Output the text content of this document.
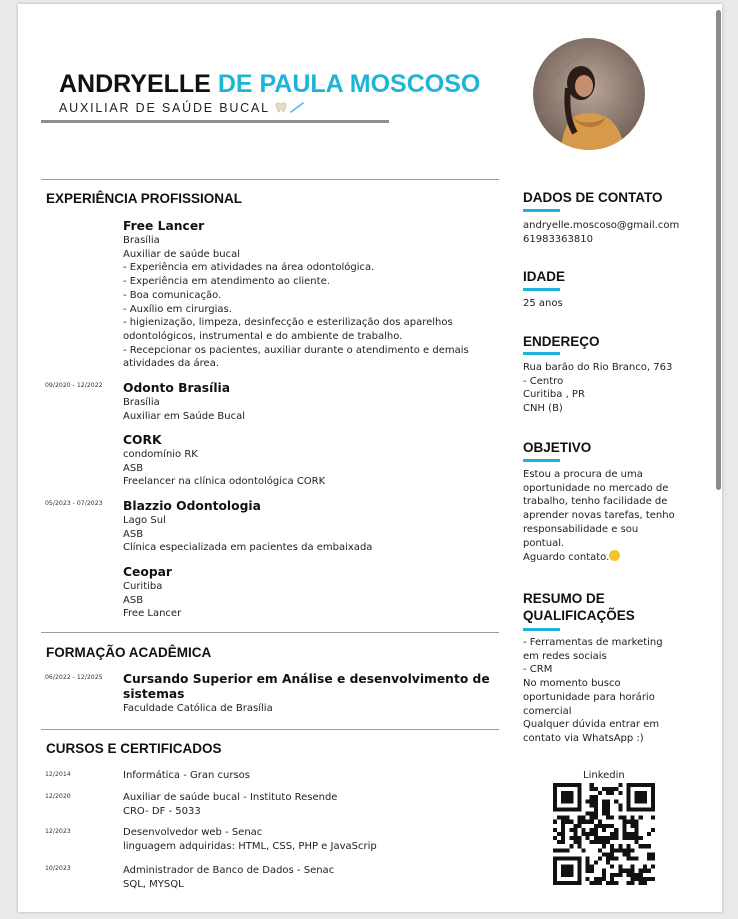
ANDRYELLE DE PAULA MOSCOSO
AUXILIAR DE SAÚDE BUCAL
EXPERIÊNCIA PROFISSIONAL
Free Lancer
Brasília
Auxiliar de saúde bucal
- Experiência em atividades na área odontológica.
- Experiência em atendimento ao cliente.
- Boa comunicação.
- Auxílio em cirurgias.
- higienização, limpeza, desinfecção e esterilização dos aparelhos odontológicos, instrumental e do ambiente de trabalho.
- Recepcionar os pacientes, auxiliar durante o atendimento e demais atividades da área.
09/2020 - 12/2022 Odonto Brasília
Brasília
Auxiliar em Saúde Bucal
CORK
condomínio RK
ASB
Freelancer na clínica odontológica CORK
05/2023 - 07/2023 Blazzio Odontologia
Lago Sul
ASB
Clínica especializada em pacientes da embaixada
Ceopar
Curitiba
ASB
Free Lancer
FORMAÇÃO ACADÊMICA
06/2022 - 12/2025 Cursando Superior em Análise e desenvolvimento de sistemas
Faculdade Católica de Brasília
CURSOS E CERTIFICADOS
12/2014	Informática - Gran cursos
12/2020	Auxiliar de saúde bucal - Instituto Resende
CRO- DF - 5033
12/2023	Desenvolvedor web - Senac
linguagem adquiridas: HTML, CSS, PHP e JavaScrip
10/2023	Administrador de Banco de Dados - Senac
SQL, MYSQL
DADOS DE CONTATO
andryelle.moscoso@gmail.com
61983363810
IDADE
25 anos
ENDEREÇO
Rua barão do Rio Branco, 763
- Centro
Curitiba , PR
CNH (B)
OBJETIVO
Estou a procura de uma
oportunidade no mercado de
trabalho, tenho facilidade de
aprender novas tarefas, tenho
responsabilidade e sou
pontual.
Aguardo contato.
RESUMO DE
QUALIFICAÇÕES
- Ferramentas de marketing
em redes sociais
- CRM
No momento busco
oportunidade para horário
comercial
Qualquer dúvida entrar em
contato via WhatsApp :)
Linkedin
